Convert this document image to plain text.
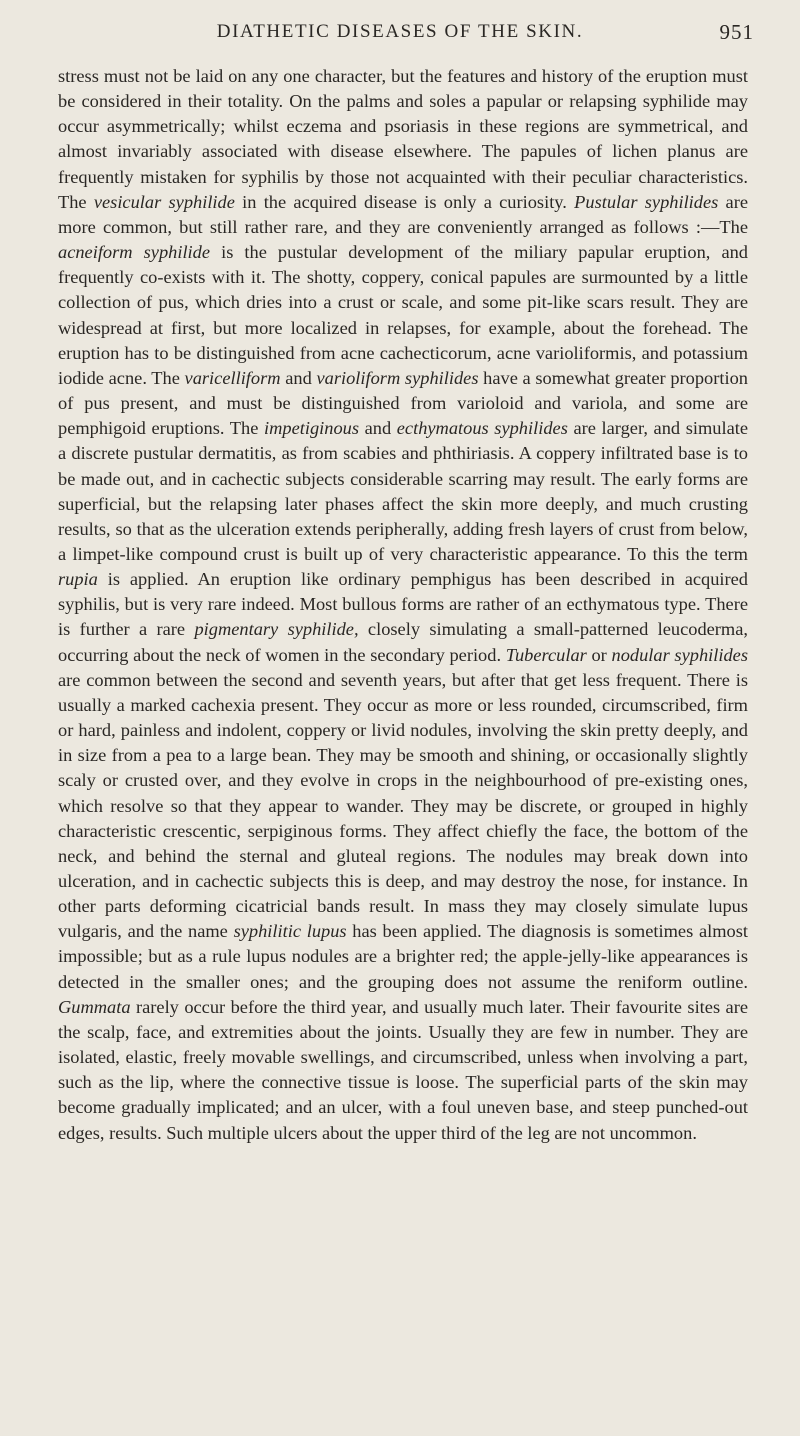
DIATHETIC DISEASES OF THE SKIN.	951

stress must not be laid on any one character, but the features and history of the eruption must be considered in their totality. On the palms and soles a papular or relapsing syphilide may occur asymmetrically; whilst eczema and psoriasis in these regions are symmetrical, and almost invariably associated with disease elsewhere. The papules of lichen planus are frequently mistaken for syphilis by those not acquainted with their peculiar characteristics. The vesicular syphilide in the acquired disease is only a curiosity. Pustular syphilides are more common, but still rather rare, and they are conveniently arranged as follows :—The acneiform syphilide is the pustular development of the miliary papular eruption, and frequently co-exists with it. The shotty, coppery, conical papules are surmounted by a little collection of pus, which dries into a crust or scale, and some pit-like scars result. They are widespread at first, but more localized in relapses, for example, about the forehead. The eruption has to be distinguished from acne cachecticorum, acne varioliformis, and potassium iodide acne. The varicelliform and varioliform syphilides have a somewhat greater proportion of pus present, and must be distinguished from varioloid and variola, and some are pemphigoid eruptions. The impetiginous and ecthymatous syphilides are larger, and simulate a discrete pustular dermatitis, as from scabies and phthiriasis. A coppery infiltrated base is to be made out, and in cachectic subjects considerable scarring may result. The early forms are superficial, but the relapsing later phases affect the skin more deeply, and much crusting results, so that as the ulceration extends peripherally, adding fresh layers of crust from below, a limpet-like compound crust is built up of very characteristic appearance. To this the term rupia is applied. An eruption like ordinary pemphigus has been described in acquired syphilis, but is very rare indeed. Most bullous forms are rather of an ecthymatous type. There is further a rare pigmentary syphilide, closely simulating a small-patterned leucoderma, occurring about the neck of women in the secondary period. Tubercular or nodular syphilides are common between the second and seventh years, but after that get less frequent. There is usually a marked cachexia present. They occur as more or less rounded, circumscribed, firm or hard, painless and indolent, coppery or livid nodules, involving the skin pretty deeply, and in size from a pea to a large bean. They may be smooth and shining, or occasionally slightly scaly or crusted over, and they evolve in crops in the neighbourhood of pre-existing ones, which resolve so that they appear to wander. They may be discrete, or grouped in highly characteristic crescentic, serpiginous forms. They affect chiefly the face, the bottom of the neck, and behind the sternal and gluteal regions. The nodules may break down into ulceration, and in cachectic subjects this is deep, and may destroy the nose, for instance. In other parts deforming cicatricial bands result. In mass they may closely simulate lupus vulgaris, and the name syphilitic lupus has been applied. The diagnosis is sometimes almost impossible; but as a rule lupus nodules are a brighter red; the apple-jelly-like appearances is detected in the smaller ones; and the grouping does not assume the reniform outline. Gummata rarely occur before the third year, and usually much later. Their favourite sites are the scalp, face, and extremities about the joints. Usually they are few in number. They are isolated, elastic, freely movable swellings, and circumscribed, unless when involving a part, such as the lip, where the connective tissue is loose. The superficial parts of the skin may become gradually implicated; and an ulcer, with a foul uneven base, and steep punched-out edges, results. Such multiple ulcers about the upper third of the leg are not uncommon.
